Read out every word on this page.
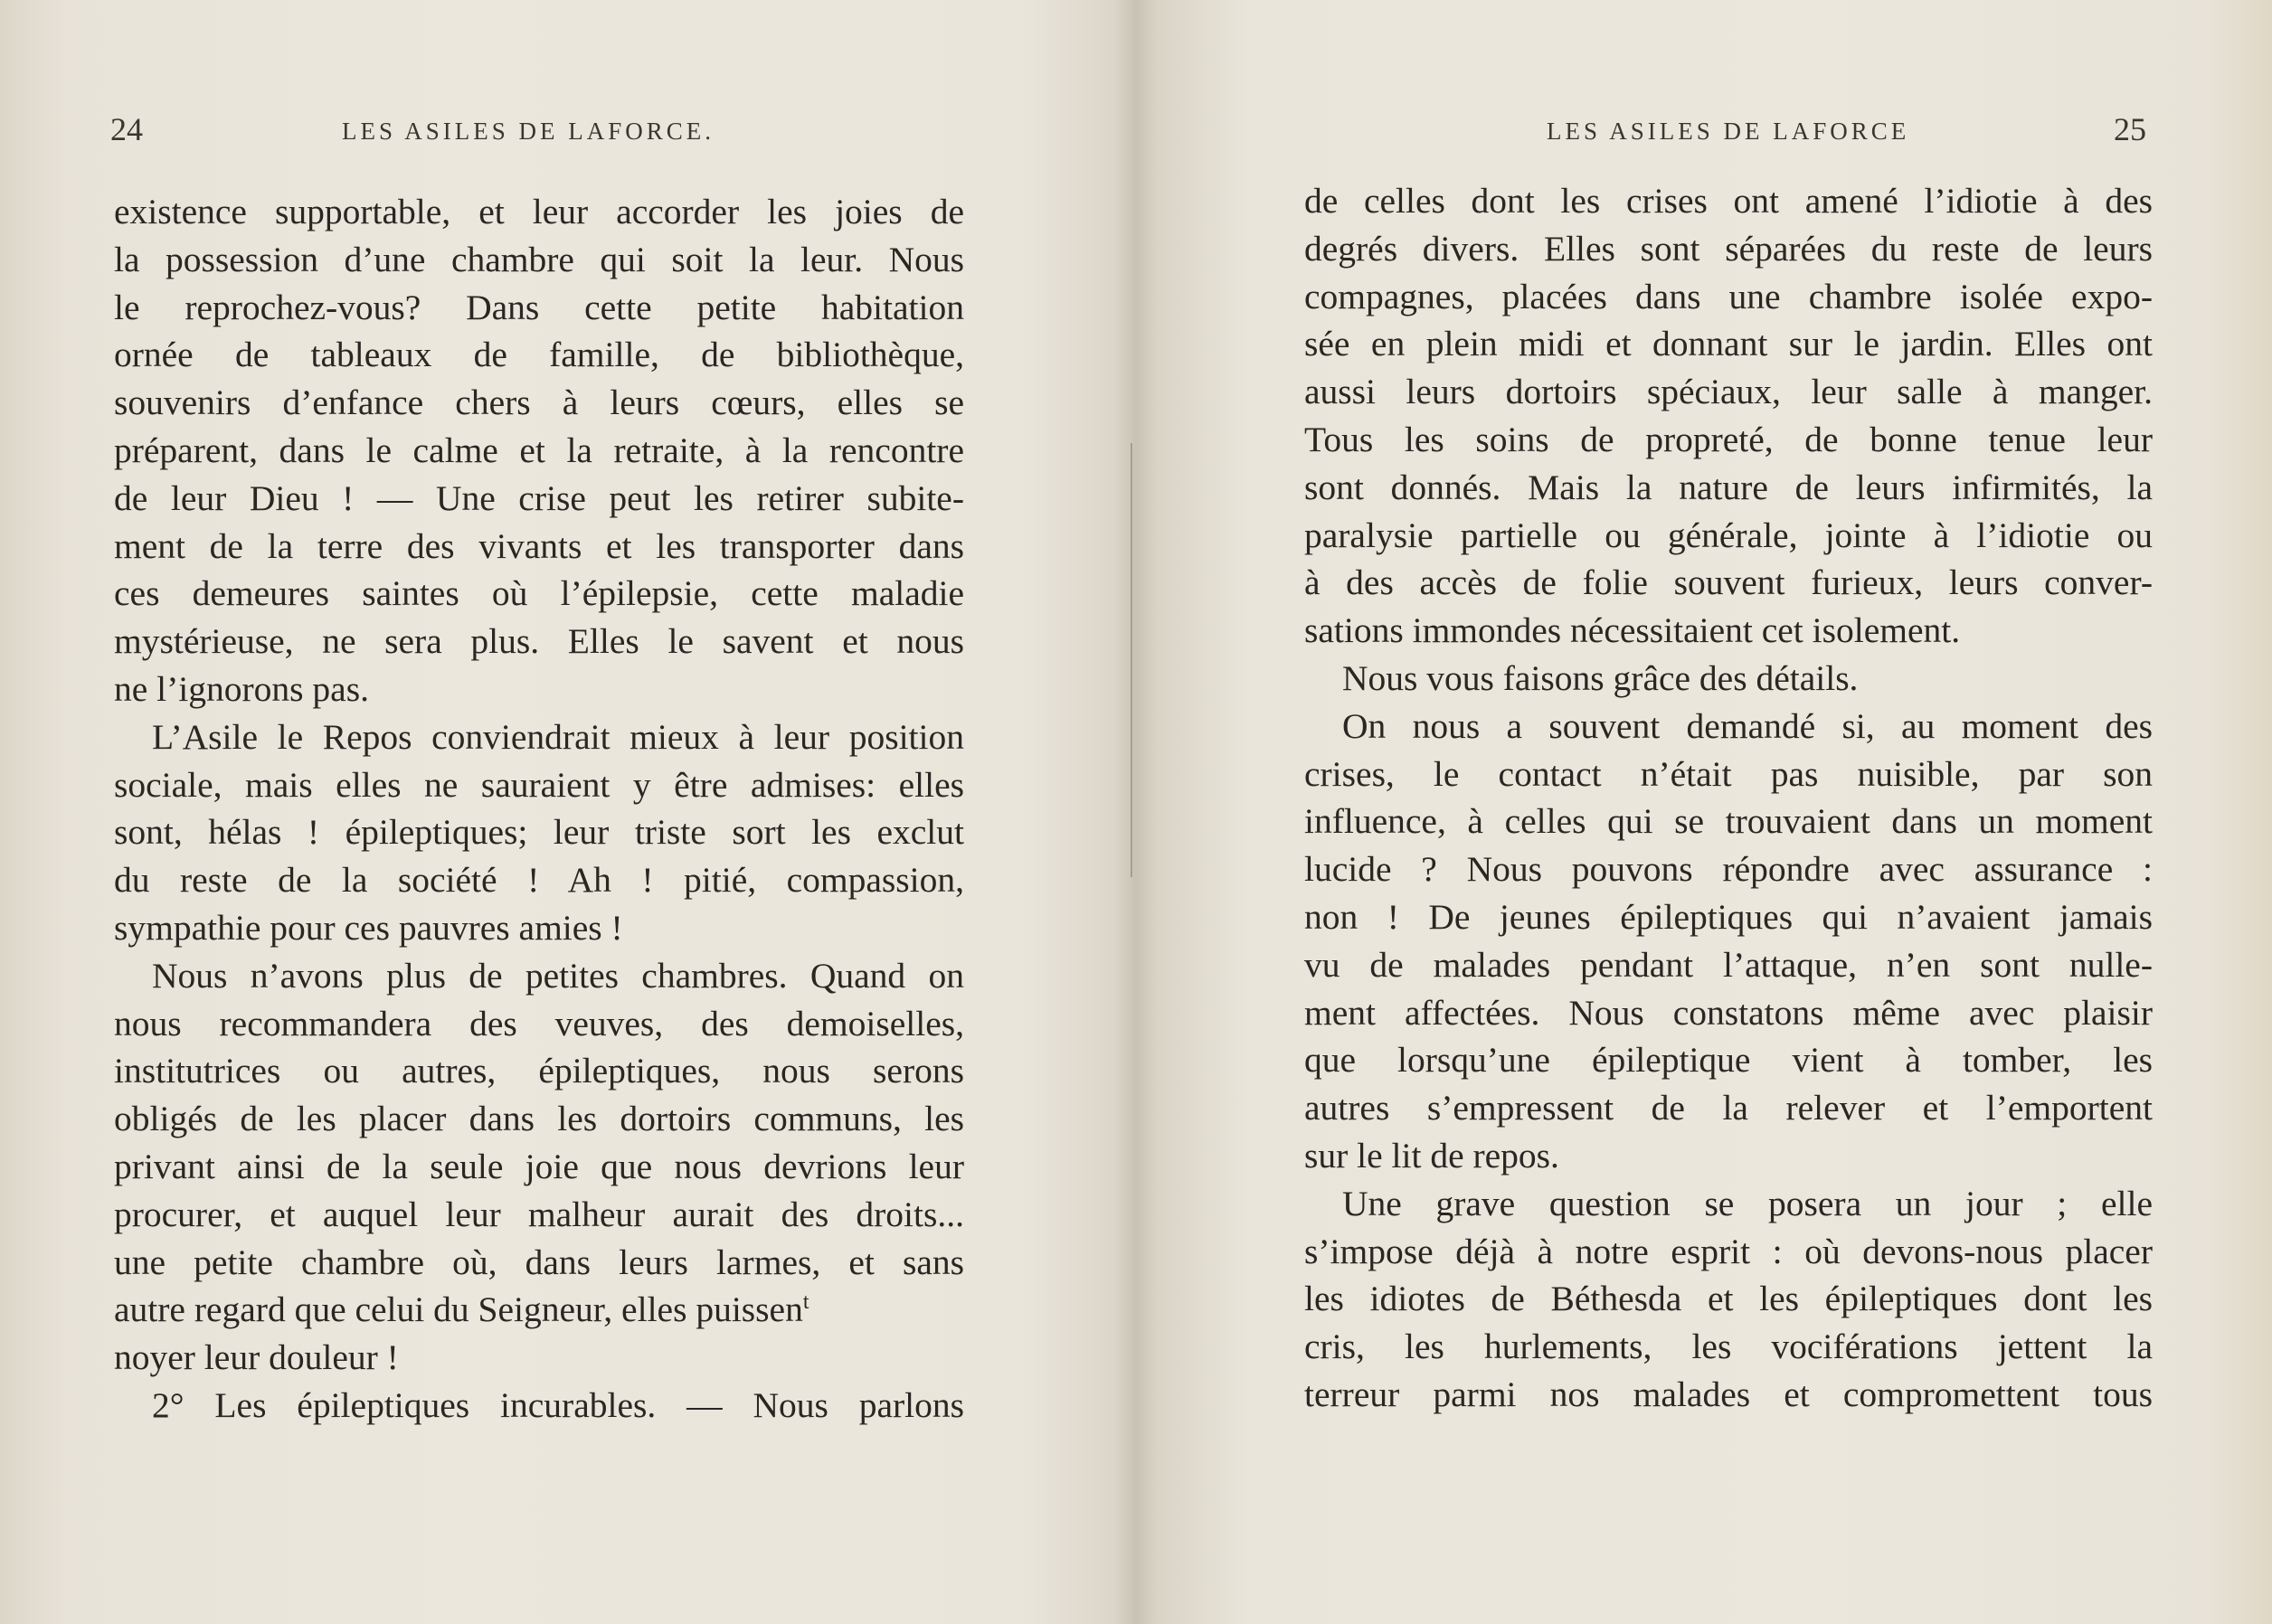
24	LES ASILES DE LAFORCE.
existence supportable, et leur accorder les joies de
la possession d’une chambre qui soit la leur. Nous
le reprochez-vous? Dans cette petite habitation
ornée de tableaux de famille, de bibliothèque,
souvenirs d’enfance chers à leurs cœurs, elles se
préparent, dans le calme et la retraite, à la rencontre
de leur Dieu ! — Une crise peut les retirer subite-
ment de la terre des vivants et les transporter dans
ces demeures saintes où l’épilepsie, cette maladie
mystérieuse, ne sera plus. Elles le savent et nous
ne l’ignorons pas.
L’Asile le Repos conviendrait mieux à leur position
sociale, mais elles ne sauraient y être admises: elles
sont, hélas ! épileptiques; leur triste sort les exclut
du reste de la société ! Ah ! pitié, compassion,
sympathie pour ces pauvres amies !
Nous n’avons plus de petites chambres. Quand on
nous recommandera des veuves, des demoiselles,
institutrices ou autres, épileptiques, nous serons
obligés de les placer dans les dortoirs communs, les
privant ainsi de la seule joie que nous devrions leur
procurer, et auquel leur malheur aurait des droits...
une petite chambre où, dans leurs larmes, et sans
autre regard que celui du Seigneur, elles puissen$^t$
noyer leur douleur !
2° Les épileptiques incurables. — Nous parlons
LES ASILES DE LAFORCE	25
de celles dont les crises ont amené l’idiotie à des
degrés divers. Elles sont séparées du reste de leurs
compagnes, placées dans une chambre isolée expo-
sée en plein midi et donnant sur le jardin. Elles ont
aussi leurs dortoirs spéciaux, leur salle à manger.
Tous les soins de propreté, de bonne tenue leur
sont donnés. Mais la nature de leurs infirmités, la
paralysie partielle ou générale, jointe à l’idiotie ou
à des accès de folie souvent furieux, leurs conver-
sations immondes nécessitaient cet isolement.
Nous vous faisons grâce des détails.
On nous a souvent demandé si, au moment des
crises, le contact n’était pas nuisible, par son
influence, à celles qui se trouvaient dans un moment
lucide ? Nous pouvons répondre avec assurance :
non ! De jeunes épileptiques qui n’avaient jamais
vu de malades pendant l’attaque, n’en sont nulle-
ment affectées. Nous constatons même avec plaisir
que lorsqu’une épileptique vient à tomber, les
autres s’empressent de la relever et l’emportent
sur le lit de repos.
Une grave question se posera un jour ; elle
s’impose déjà à notre esprit : où devons-nous placer
les idiotes de Béthesda et les épileptiques dont les
cris, les hurlements, les vociférations jettent la
terreur parmi nos malades et compromettent tous
